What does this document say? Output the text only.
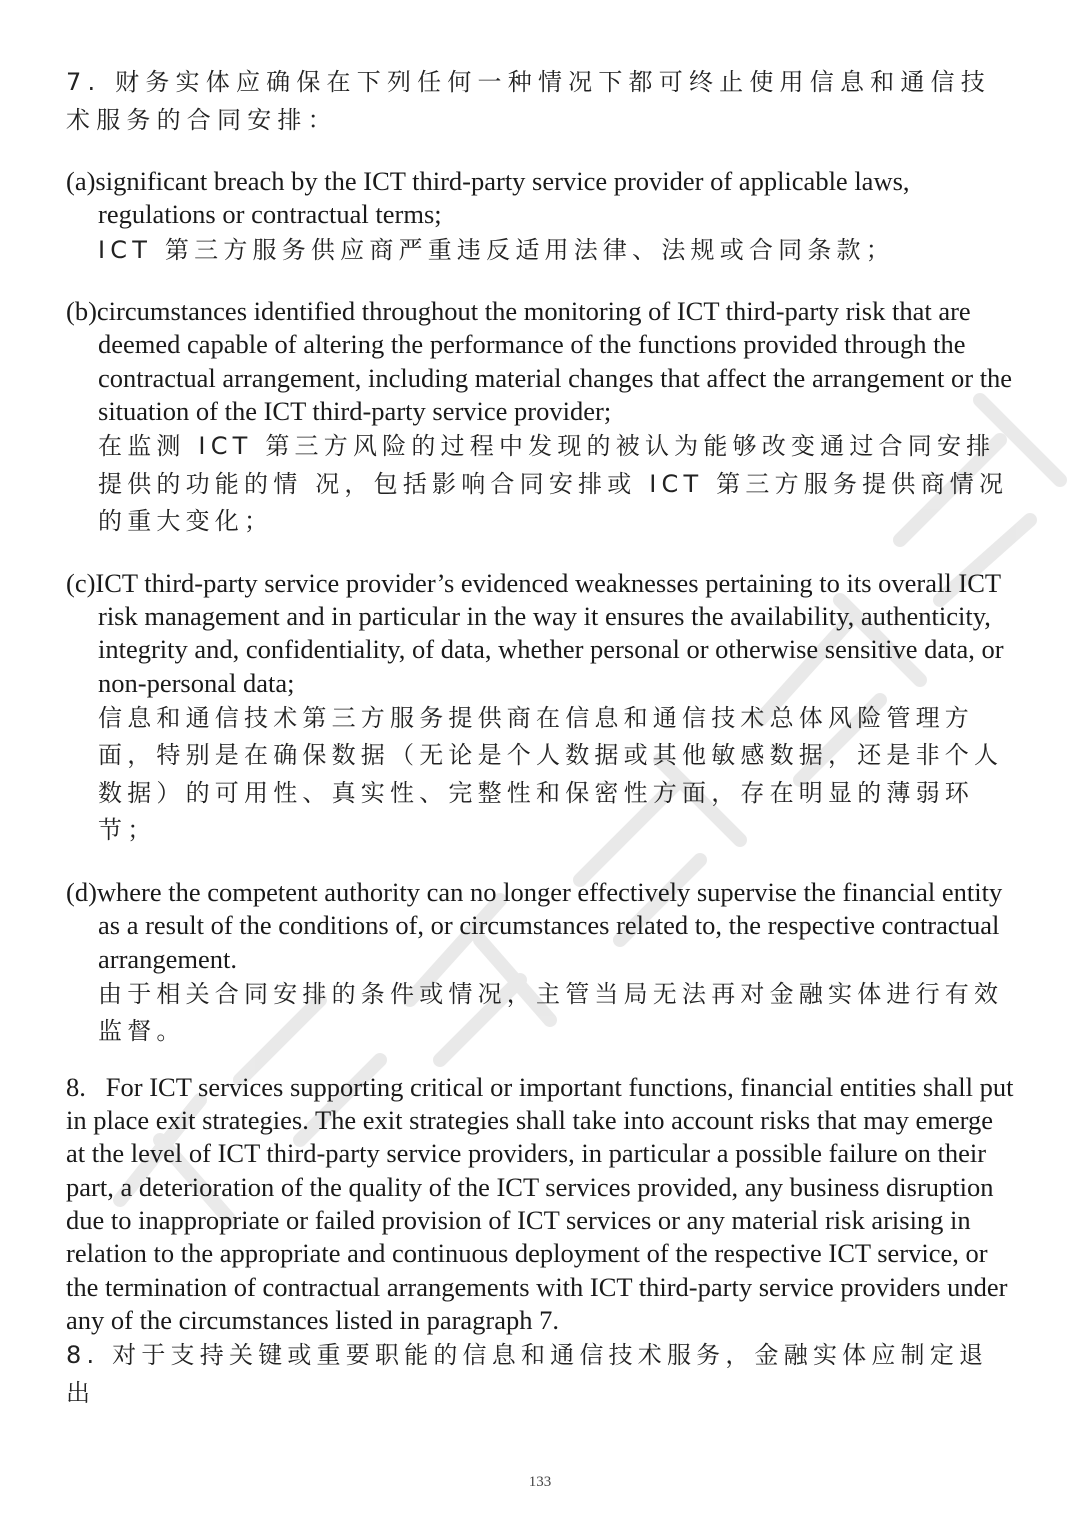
7. 财务实体应确保在下列任何一种情况下都可终止使用信息和通信技术服务的合同安排：

(a)significant breach by the ICT third-party service provider of applicable laws, regulations or contractual terms;

ICT 第三方服务供应商严重违反适用法律、法规或合同条款；

(b)circumstances identified throughout the monitoring of ICT third-party risk that are deemed capable of altering the performance of the functions provided through the contractual arrangement, including material changes that affect the arrangement or the situation of the ICT third-party service provider;

在监测 ICT 第三方风险的过程中发现的被认为能够改变通过合同安排提供的功能的情 况，包括影响合同安排或 ICT 第三方服务提供商情况的重大变化；

(c)ICT third-party service provider’s evidenced weaknesses pertaining to its overall ICT risk management and in particular in the way it ensures the availability, authenticity, integrity and, confidentiality, of data, whether personal or otherwise sensitive data, or non-personal data;

信息和通信技术第三方服务提供商在信息和通信技术总体风险管理方面，特别是在确保数据（无论是个人数据或其他敏感数据，还是非个人数据）的可用性、真实性、完整性和保密性方面，存在明显的薄弱环节；

(d)where the competent authority can no longer effectively supervise the financial entity as a result of the conditions of, or circumstances related to, the respective contractual arrangement.

由于相关合同安排的条件或情况，主管当局无法再对金融实体进行有效监督。

8. For ICT services supporting critical or important functions, financial entities shall put in place exit strategies. The exit strategies shall take into account risks that may emerge at the level of ICT third-party service providers, in particular a possible failure on their part, a deterioration of the quality of the ICT services provided, any business disruption due to inappropriate or failed provision of ICT services or any material risk arising in relation to the appropriate and continuous deployment of the respective ICT service, or the termination of contractual arrangements with ICT third-party service providers under any of the circumstances listed in paragraph 7.

8. 对于支持关键或重要职能的信息和通信技术服务，金融实体应制定退出

133
